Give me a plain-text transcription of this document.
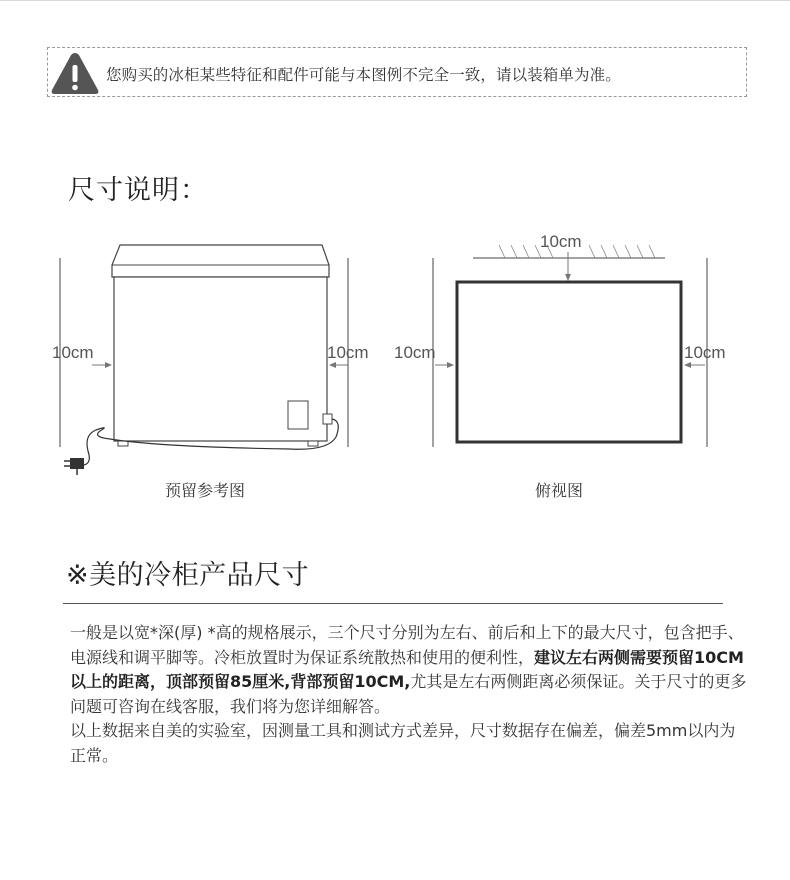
您购买的冰柜某些特征和配件可能与本图例不完全一致，请以装箱单为准。
尺寸说明：
10cm	10cm
10cm
10cm	10cm
预留参考图	俯视图
※美的冷柜产品尺寸

一般是以宽*深(厚) *高的规格展示，三个尺寸分别为左右、前后和上下的最大尺寸，包含把手、电源线和调平脚等。冷柜放置时为保证系统散热和使用的便利性，建议左右两侧需要预留10CM以上的距离，顶部预留85厘米,背部预留10CM,尤其是左右两侧距离必须保证。关于尺寸的更多问题可咨询在线客服，我们将为您详细解答。

以上数据来自美的实验室，因测量工具和测试方式差异，尺寸数据存在偏差，偏差5mm以内为正常。
